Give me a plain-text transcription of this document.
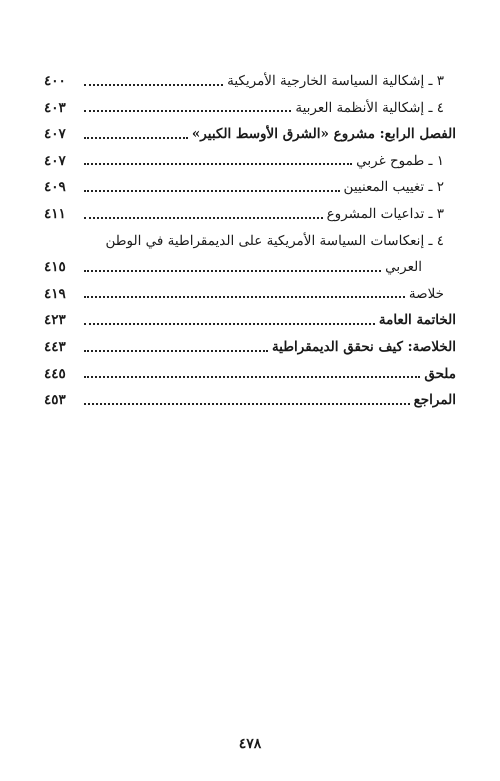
٣ ـ إشكالية السياسة الخارجية الأمريكية
٤٠٠
٤ ـ إشكالية الأنظمة العربية
٤٠٣
الفصل الرابع: مشروع «الشرق الأوسط الكبير»
٤٠٧
١ ـ طموح غربي
٤٠٧
٢ ـ تغييب المعنيين
٤٠٩
٣ ـ تداعيات المشروع
٤١١
٤ ـ إنعكاسات السياسة الأمريكية على الديمقراطية في الوطن
العربي
٤١٥
خلاصة
٤١٩
الخاتمة العامة
٤٢٣
الخلاصة: كيف نحقق الديمقراطية
٤٤٣
ملحق
٤٤٥
المراجع
٤٥٣
٤٧٨
